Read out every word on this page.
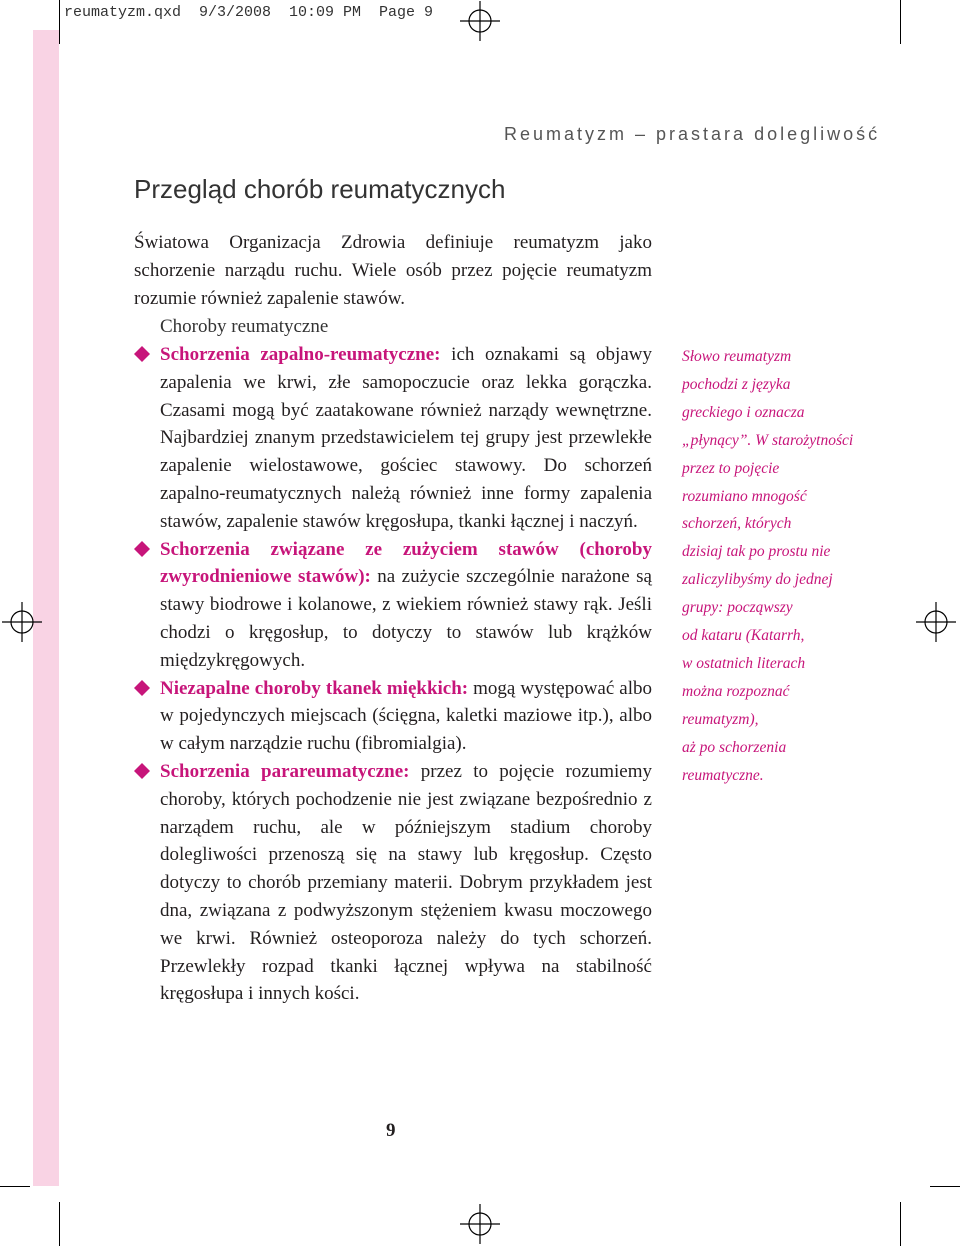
reumatyzm.qxd  9/3/2008  10:09 PM  Page 9
Reumatyzm – prastara dolegliwość
Przegląd chorób reumatycznych

Światowa Organizacja Zdrowia definiuje reumatyzm jako schorzenie narządu ruchu. Wiele osób przez pojęcie reumatyzm rozumie również zapalenie stawów.

Choroby reumatyczne

Schorzenia zapalno-reumatyczne: ich oznakami są objawy zapalenia we krwi, złe samopoczucie oraz lekka gorączka. Czasami mogą być zaatakowane również narządy wewnętrzne. Najbardziej znanym przedstawicielem tej grupy jest przewlekłe zapalenie wielostawowe, gościec stawowy. Do schorzeń zapalno-reumatycznych należą również inne formy zapalenia stawów, zapalenie stawów kręgosłupa, tkanki łącznej i naczyń.

Schorzenia związane ze zużyciem stawów (choroby zwyrodnieniowe stawów): na zużycie szczególnie narażone są stawy biodrowe i kolanowe, z wiekiem również stawy rąk. Jeśli chodzi o kręgosłup, to dotyczy to stawów lub krążków międzykręgowych.

Niezapalne choroby tkanek miękkich: mogą występować albo w pojedynczych miejscach (ścięgna, kaletki maziowe itp.), albo w całym narządzie ruchu (fibromialgia).

Schorzenia parareumatyczne: przez to pojęcie rozumiemy choroby, których pochodzenie nie jest związane bezpośrednio z narządem ruchu, ale w późniejszym stadium choroby dolegliwości przenoszą się na stawy lub kręgosłup. Często dotyczy to chorób przemiany materii. Dobrym przykładem jest dna, związana z podwyższonym stężeniem kwasu moczowego we krwi. Również osteoporoza należy do tych schorzeń. Przewlekły rozpad tkanki łącznej wpływa na stabilność kręgosłupa i innych kości.

Słowo reumatyzm
pochodzi z języka
greckiego i oznacza
„płynący”. W starożytności
przez to pojęcie
rozumiano mnogość
schorzeń, których
dzisiaj tak po prostu nie
zaliczylibyśmy do jednej
grupy: począwszy
od kataru (Katarrh,
w ostatnich literach
można rozpoznać
reumatyzm),
aż po schorzenia
reumatyczne.
9
